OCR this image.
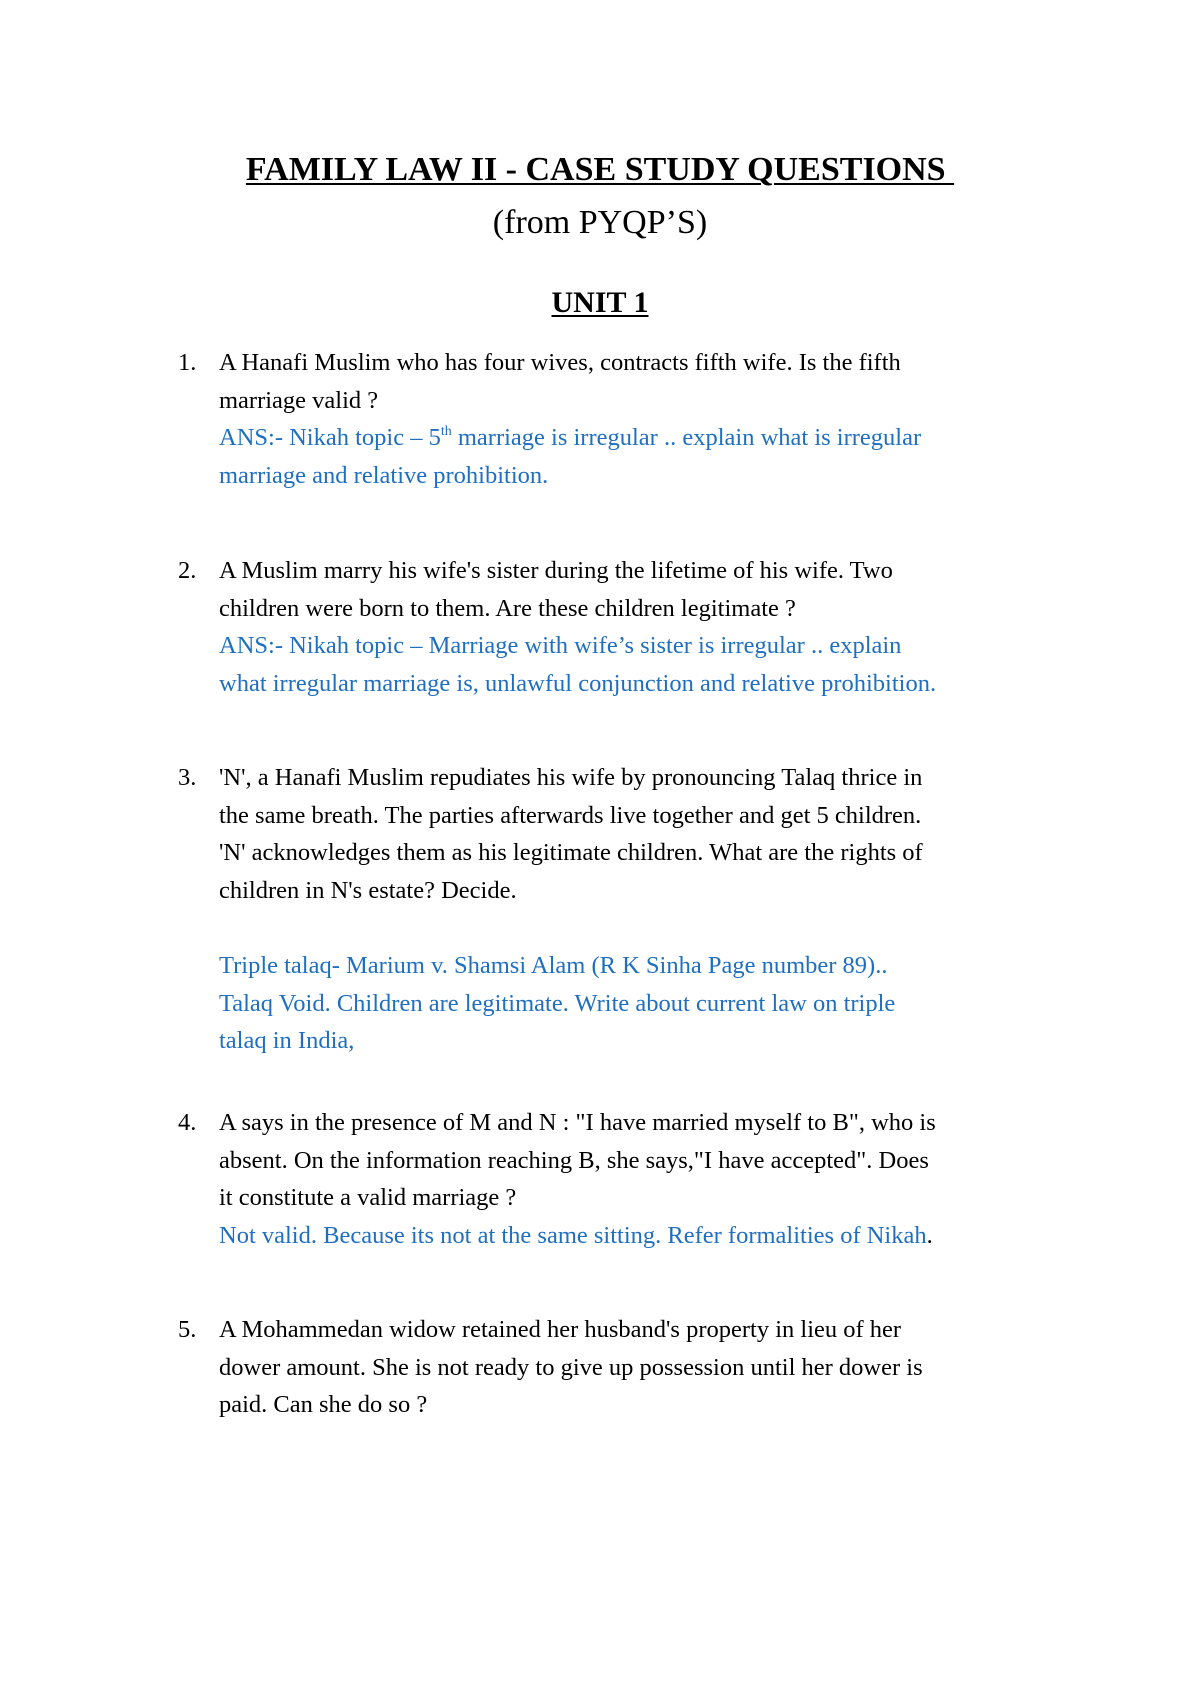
FAMILY LAW II - CASE STUDY QUESTIONS
(from PYQP’S)
UNIT 1
1. A Hanafi Muslim who has four wives, contracts fifth wife. Is the fifth
marriage valid ?
ANS:- Nikah topic – 5th marriage is irregular .. explain what is irregular
marriage and relative prohibition.
2. A Muslim marry his wife's sister during the lifetime of his wife. Two
children were born to them. Are these children legitimate ?
ANS:- Nikah topic – Marriage with wife’s sister is irregular .. explain
what irregular marriage is, unlawful conjunction and relative prohibition.
3. 'N', a Hanafi Muslim repudiates his wife by pronouncing Talaq thrice in
the same breath. The parties afterwards live together and get 5 children.
'N' acknowledges them as his legitimate children. What are the rights of
children in N's estate? Decide.
Triple talaq- Marium v. Shamsi Alam (R K Sinha Page number 89)..
Talaq Void. Children are legitimate. Write about current law on triple
talaq in India,
4. A says in the presence of M and N : "I have married myself to B", who is
absent. On the information reaching B, she says,"I have accepted". Does
it constitute a valid marriage ?
Not valid. Because its not at the same sitting. Refer formalities of Nikah.
5. A Mohammedan widow retained her husband's property in lieu of her
dower amount. She is not ready to give up possession until her dower is
paid. Can she do so ?
